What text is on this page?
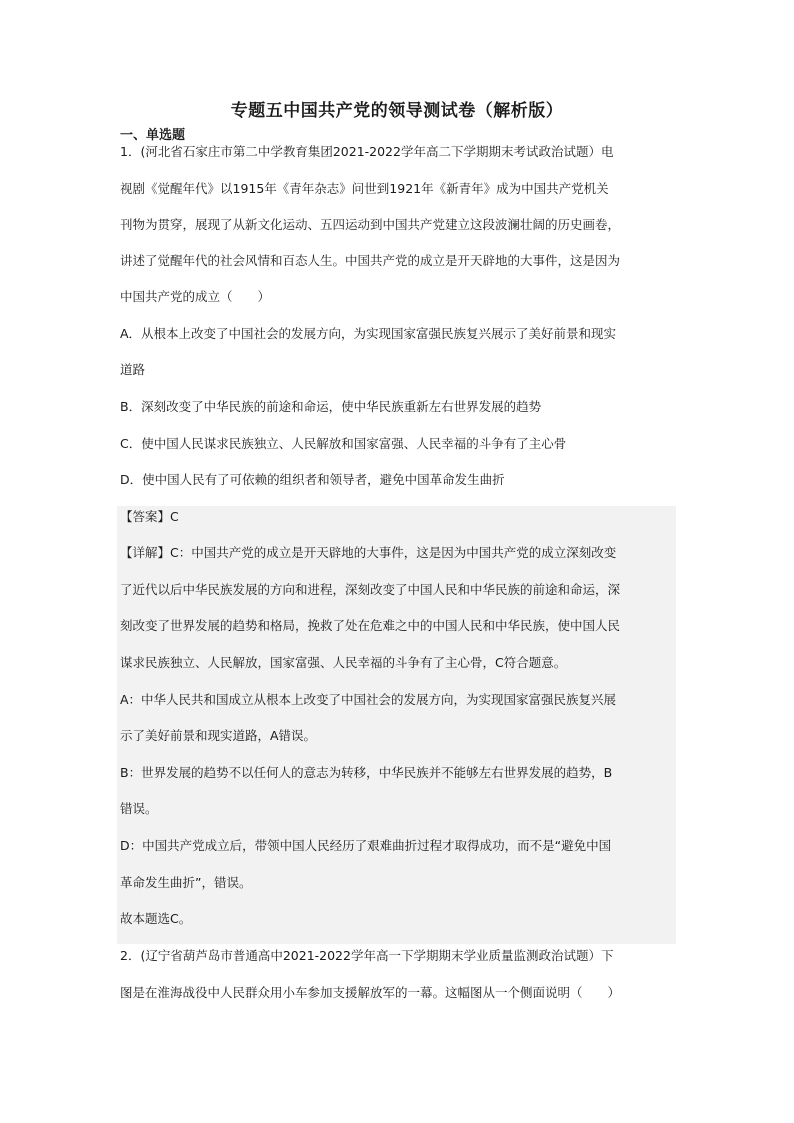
专题五中国共产党的领导测试卷（解析版）
一、单选题
1．(河北省石家庄市第二中学教育集团2021-2022学年高二下学期期末考试政治试题）电
视剧《觉醒年代》以1915年《青年杂志》问世到1921年《新青年》成为中国共产党机关
刊物为贯穿，展现了从新文化运动、五四运动到中国共产党建立这段波澜壮阔的历史画卷，
讲述了觉醒年代的社会风情和百态人生。中国共产党的成立是开天辟地的大事件，这是因为
中国共产党的成立（　　）
A．从根本上改变了中国社会的发展方向，为实现国家富强民族复兴展示了美好前景和现实
道路
B．深刻改变了中华民族的前途和命运，使中华民族重新左右世界发展的趋势
C．使中国人民谋求民族独立、人民解放和国家富强、人民幸福的斗争有了主心骨
D．使中国人民有了可依赖的组织者和领导者，避免中国革命发生曲折
【答案】C
【详解】C：中国共产党的成立是开天辟地的大事件，这是因为中国共产党的成立深刻改变
了近代以后中华民族发展的方向和进程，深刻改变了中国人民和中华民族的前途和命运，深
刻改变了世界发展的趋势和格局，挽救了处在危难之中的中国人民和中华民族，使中国人民
谋求民族独立、人民解放，国家富强、人民幸福的斗争有了主心骨，C符合题意。
A：中华人民共和国成立从根本上改变了中国社会的发展方向，为实现国家富强民族复兴展
示了美好前景和现实道路，A错误。
B：世界发展的趋势不以任何人的意志为转移，中华民族并不能够左右世界发展的趋势，B
错误。
D：中国共产党成立后，带领中国人民经历了艰难曲折过程才取得成功，而不是“避免中国
革命发生曲折”，错误。
故本题选C。
2．(辽宁省葫芦岛市普通高中2021-2022学年高一下学期期末学业质量监测政治试题）下
图是在淮海战役中人民群众用小车参加支援解放军的一幕。这幅图从一个侧面说明（　　）
